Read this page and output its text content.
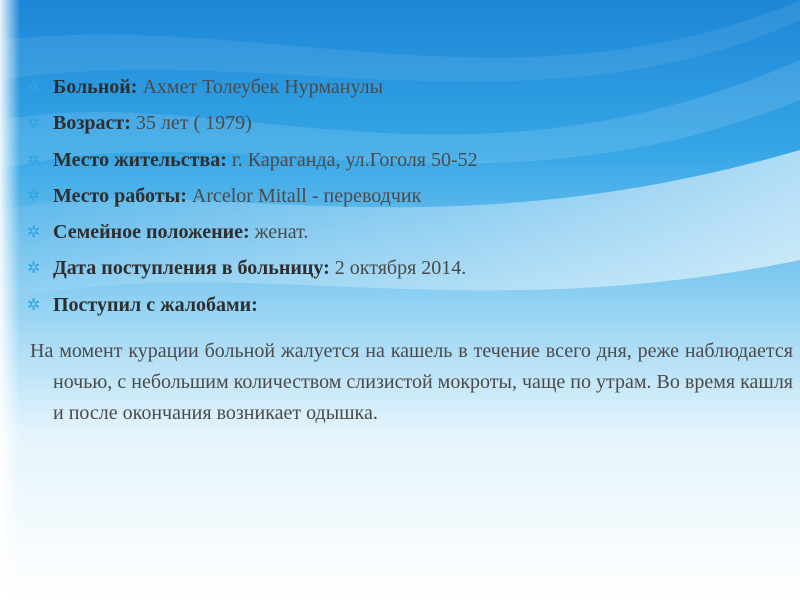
✲ Больной: Ахмет Толеубек Нурманулы
✲ Возраст: 35 лет ( 1979)
✲ Место жительства: г. Караганда, ул.Гоголя 50-52
✲ Место работы: Arcelor Mitall - переводчик
✲ Семейное положение: женат.
✲ Дата поступления в больницу: 2 октября 2014.
✲ Поступил с жалобами:

На момент курации больной жалуется на кашель в течение всего дня, реже наблюдается ночью, с небольшим количеством слизистой мокроты, чаще по утрам. Во время кашля и после окончания возникает одышка.
